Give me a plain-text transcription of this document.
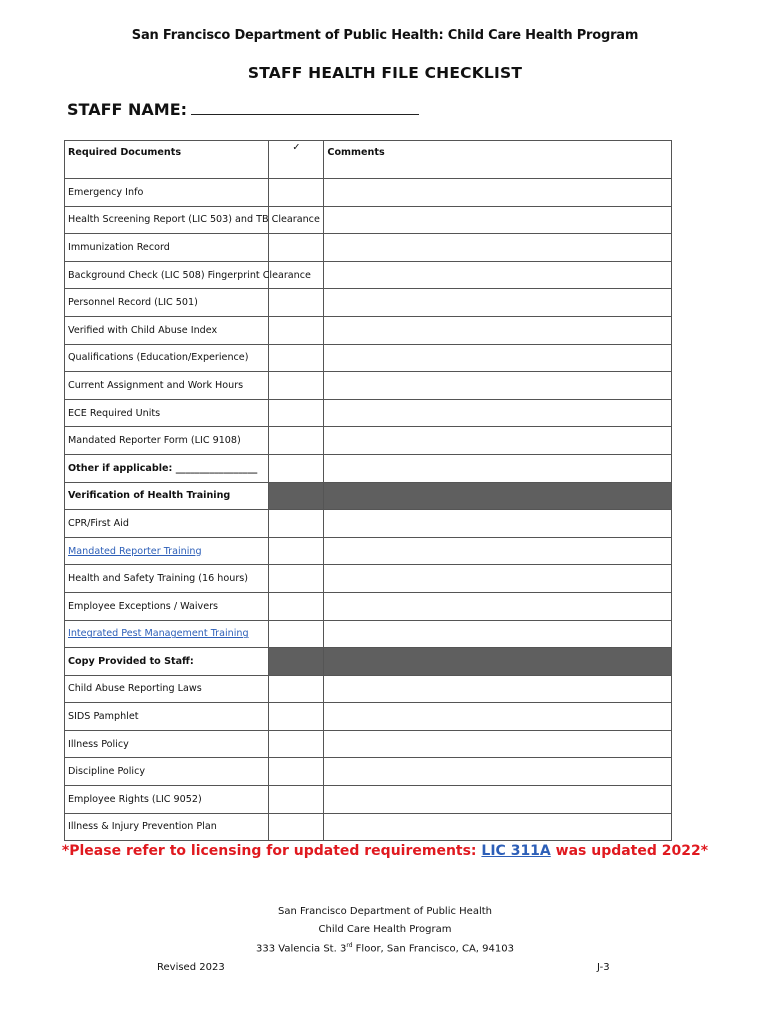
San Francisco Department of Public Health: Child Care Health Program
STAFF HEALTH FILE CHECKLIST
STAFF NAME:
Required Documents	✓	Comments
Emergency Info		
Health Screening Report (LIC 503) and TB Clearance		
Immunization Record		
Background Check (LIC 508) Fingerprint Clearance		
Personnel Record (LIC 501)		
Verified with Child Abuse Index		
Qualifications (Education/Experience)		
Current Assignment and Work Hours		
ECE Required Units		
Mandated Reporter Form (LIC 9108)		
Other if applicable: _________________		
Verification of Health Training		
CPR/First Aid		
Mandated Reporter Training		
Health and Safety Training (16 hours)		
Employee Exceptions / Waivers		
Integrated Pest Management Training		
Copy Provided to Staff:		
Child Abuse Reporting Laws		
SIDS Pamphlet		
Illness Policy		
Discipline Policy		
Employee Rights (LIC 9052)		
Illness & Injury Prevention Plan		
*Please refer to licensing for updated requirements: LIC 311A was updated 2022*
San Francisco Department of Public Health
Child Care Health Program
333 Valencia St. 3rd Floor, San Francisco, CA, 94103
Revised 2023	J-3
